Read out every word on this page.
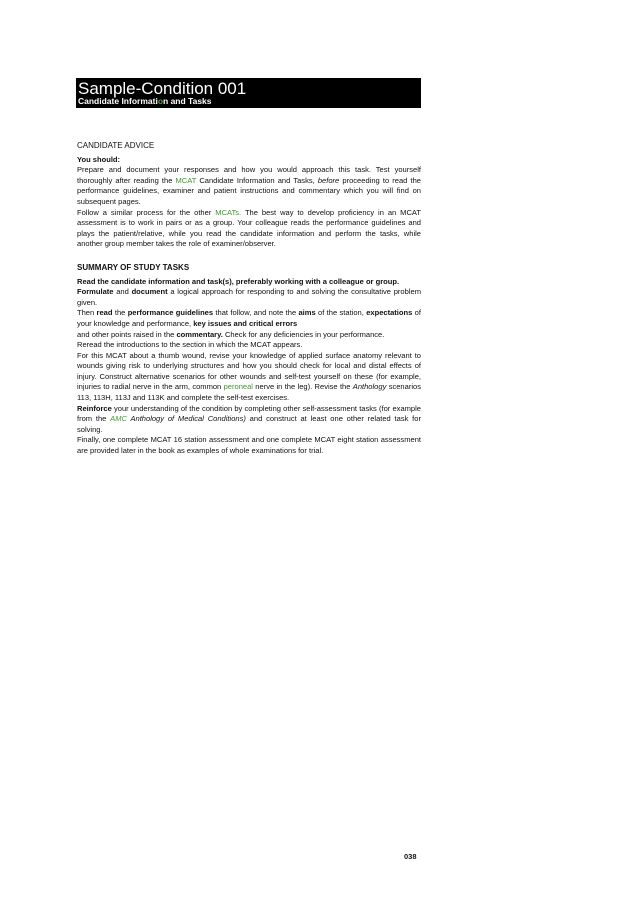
Sample-Condition 001
Candidate Information and Tasks

CANDIDATE ADVICE

You should:

Prepare and document your responses and how you would approach this task. Test yourself thoroughly after reading the MCAT Candidate Information and Tasks, before proceeding to read the performance guidelines, examiner and patient instructions and commentary which you will find on subsequent pages.

Follow a similar process for the other MCATs. The best way to develop proficiency in an MCAT assessment is to work in pairs or as a group. Your colleague reads the performance guidelines and plays the patient/relative, while you read the candidate information and perform the tasks, while another group member takes the role of examiner/observer.

SUMMARY OF STUDY TASKS

Read the candidate information and task(s), preferably working with a colleague or group.

Formulate and document a logical approach for responding to and solving the consultative problem given.

Then read the performance guidelines that follow, and note the aims of the station, expectations of your knowledge and performance, key issues and critical errors

and other points raised in the commentary. Check for any deficiencies in your performance.

Reread the introductions to the section in which the MCAT appears.

For this MCAT about a thumb wound, revise your knowledge of applied surface anatomy relevant to wounds giving risk to underlying structures and how you should check for local and distal effects of injury. Construct alternative scenarios for other wounds and self-test yourself on these (for example, injuries to radial nerve in the arm, common peroneal nerve in the leg). Revise the Anthology scenarios 113, 113H, 113J and 113K and complete the self-test exercises.

Reinforce your understanding of the condition by completing other self-assessment tasks (for example from the AMC Anthology of Medical Conditions) and construct at least one other related task for solving.

Finally, one complete MCAT 16 station assessment and one complete MCAT eight station assessment are provided later in the book as examples of whole examinations for trial.

038
